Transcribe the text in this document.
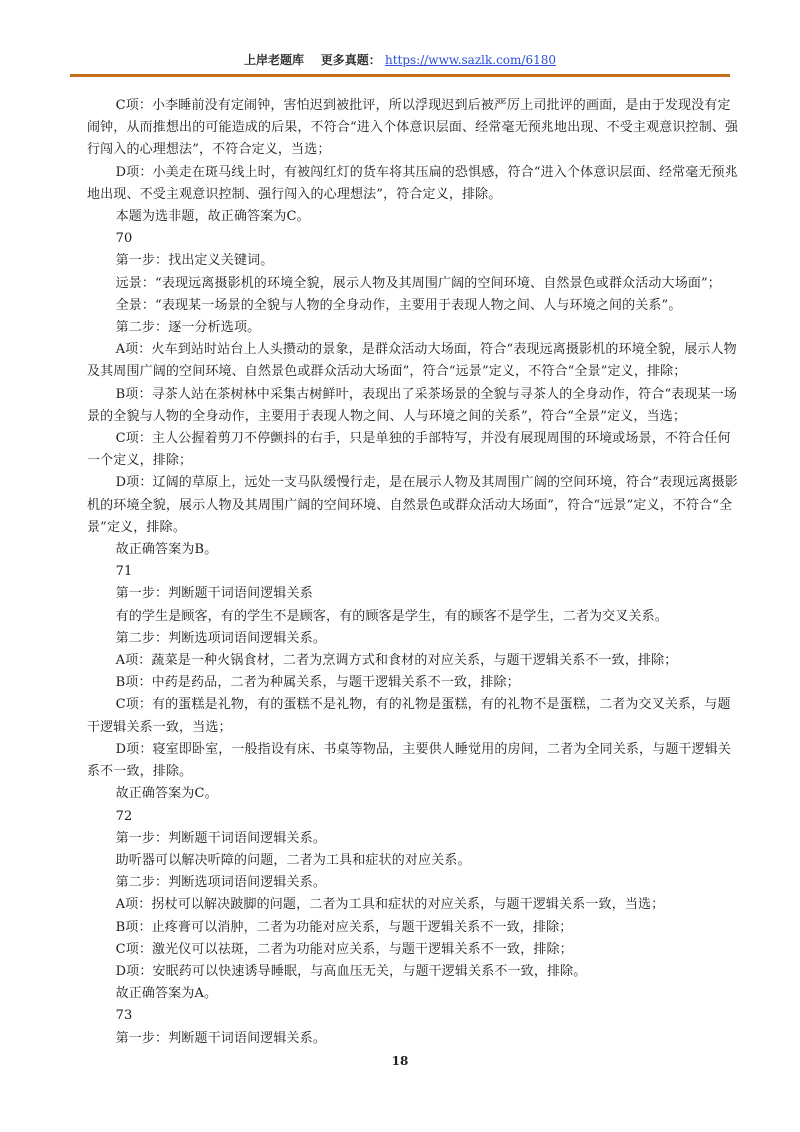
上岸老题库 更多真题： https://www.sazlk.com/6180

C项：小李睡前没有定闹钟，害怕迟到被批评，所以浮现迟到后被严厉上司批评的画面，是由于发现没有定闹钟，从而推想出的可能造成的后果，不符合“进入个体意识层面、经常毫无预兆地出现、不受主观意识控制、强行闯入的心理想法”，不符合定义，当选；

D项：小美走在斑马线上时，有被闯红灯的货车将其压扁的恐惧感，符合“进入个体意识层面、经常毫无预兆地出现、不受主观意识控制、强行闯入的心理想法”，符合定义，排除。

本题为选非题，故正确答案为C。

70

第一步：找出定义关键词。

远景：“表现远离摄影机的环境全貌，展示人物及其周围广阔的空间环境、自然景色或群众活动大场面”；

全景：“表现某一场景的全貌与人物的全身动作，主要用于表现人物之间、人与环境之间的关系”。

第二步：逐一分析选项。

A项：火车到站时站台上人头攒动的景象，是群众活动大场面，符合“表现远离摄影机的环境全貌，展示人物及其周围广阔的空间环境、自然景色或群众活动大场面”，符合“远景”定义，不符合“全景”定义，排除；

B项：寻茶人站在茶树林中采集古树鲜叶，表现出了采茶场景的全貌与寻茶人的全身动作，符合“表现某一场景的全貌与人物的全身动作，主要用于表现人物之间、人与环境之间的关系”，符合“全景”定义，当选；

C项：主人公握着剪刀不停颤抖的右手，只是单独的手部特写，并没有展现周围的环境或场景，不符合任何一个定义，排除；

D项：辽阔的草原上，远处一支马队缓慢行走，是在展示人物及其周围广阔的空间环境，符合“表现远离摄影机的环境全貌，展示人物及其周围广阔的空间环境、自然景色或群众活动大场面”，符合“远景”定义，不符合“全景”定义，排除。

故正确答案为B。

71

第一步：判断题干词语间逻辑关系

有的学生是顾客，有的学生不是顾客，有的顾客是学生，有的顾客不是学生，二者为交叉关系。

第二步：判断选项词语间逻辑关系。

A项：蔬菜是一种火锅食材，二者为烹调方式和食材的对应关系，与题干逻辑关系不一致，排除；

B项：中药是药品，二者为种属关系，与题干逻辑关系不一致，排除；

C项：有的蛋糕是礼物，有的蛋糕不是礼物，有的礼物是蛋糕，有的礼物不是蛋糕，二者为交叉关系，与题干逻辑关系一致，当选；

D项：寝室即卧室，一般指设有床、书桌等物品，主要供人睡觉用的房间，二者为全同关系，与题干逻辑关系不一致，排除。

故正确答案为C。

72

第一步：判断题干词语间逻辑关系。

助听器可以解决听障的问题，二者为工具和症状的对应关系。

第二步：判断选项词语间逻辑关系。

A项：拐杖可以解决跛脚的问题，二者为工具和症状的对应关系，与题干逻辑关系一致，当选；

B项：止疼膏可以消肿，二者为功能对应关系，与题干逻辑关系不一致，排除；

C项：激光仪可以祛斑，二者为功能对应关系，与题干逻辑关系不一致，排除；

D项：安眠药可以快速诱导睡眠，与高血压无关，与题干逻辑关系不一致，排除。

故正确答案为A。

73

第一步：判断题干词语间逻辑关系。

18
